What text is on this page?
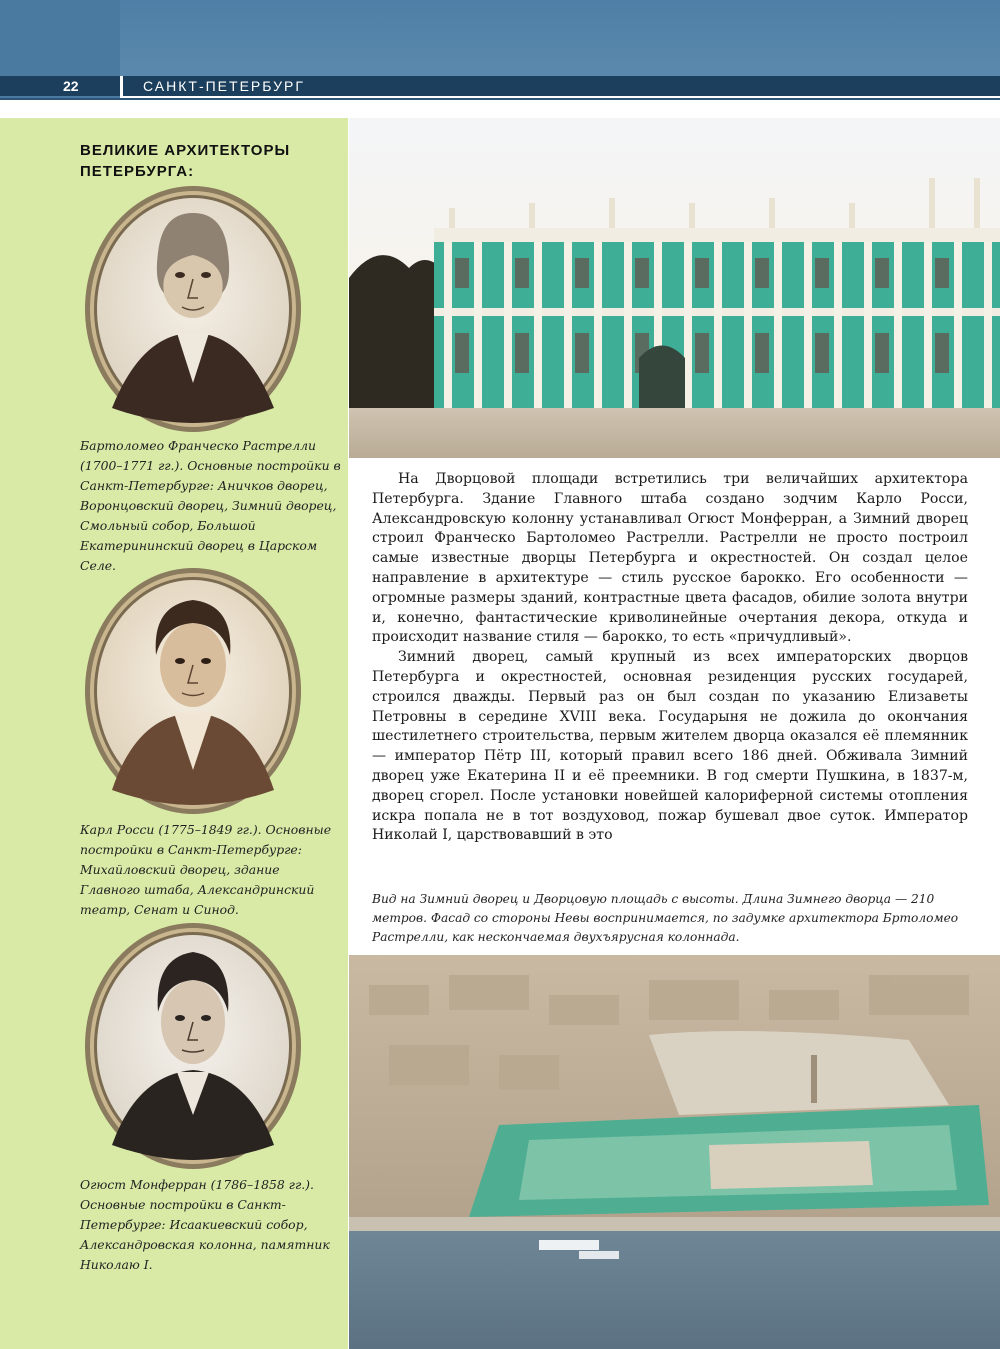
22	САНКТ-ПЕТЕРБУРГ
ВЕЛИКИЕ АРХИТЕКТОРЫ ПЕТЕРБУРГА:
Бартоломео Франческо Растрелли (1700–1771 гг.). Основные постройки в Санкт-Петербурге: Аничков дворец, Воронцовский дворец, Зимний дворец, Смольный собор, Большой Екатерининский дворец в Царском Селе.
Карл Росси (1775–1849 гг.). Основные постройки в Санкт-Петербурге: Михайловский дворец, здание Главного штаба, Александринский театр, Сенат и Синод.
Огюст Монферран (1786–1858 гг.). Основные постройки в Санкт-Петербурге: Исаакиевский собор, Александровская колонна, памятник Николаю I.

На Дворцовой площади встретились три величайших архитектора Петербурга. Здание Главного штаба создано зодчим Карло Росси, Александровскую колонну устанавливал Огюст Монферран, а Зимний дворец строил Франческо Бартоломео Растрелли. Растрелли не просто построил самые известные дворцы Петербурга и окрестностей. Он создал целое направление в архитектуре — стиль русское барокко. Его особенности — огромные размеры зданий, контрастные цвета фасадов, обилие золота внутри и, конечно, фантастические криволинейные очертания декора, откуда и происходит название стиля — барокко, то есть «причудливый».

Зимний дворец, самый крупный из всех императорских дворцов Петербурга и окрестностей, основная резиденция русских государей, строился дважды. Первый раз он был создан по указанию Елизаветы Петровны в середине XVIII века. Государыня не дожила до окончания шестилетнего строительства, первым жителем дворца оказался её племянник — император Пётр III, который правил всего 186 дней. Обживала Зимний дворец уже Екатерина II и её преемники. В год смерти Пушкина, в 1837-м, дворец сгорел. После установки новейшей калориферной системы отопления искра попала не в тот воздуховод, пожар бушевал двое суток. Император Николай I, царствовавший в это

Вид на Зимний дворец и Дворцовую площадь с высоты. Длина Зимнего дворца — 210 метров. Фасад со стороны Невы воспринимается, по задумке архитектора Бртоломео Растрелли, как нескончаемая двухъярусная колоннада.
